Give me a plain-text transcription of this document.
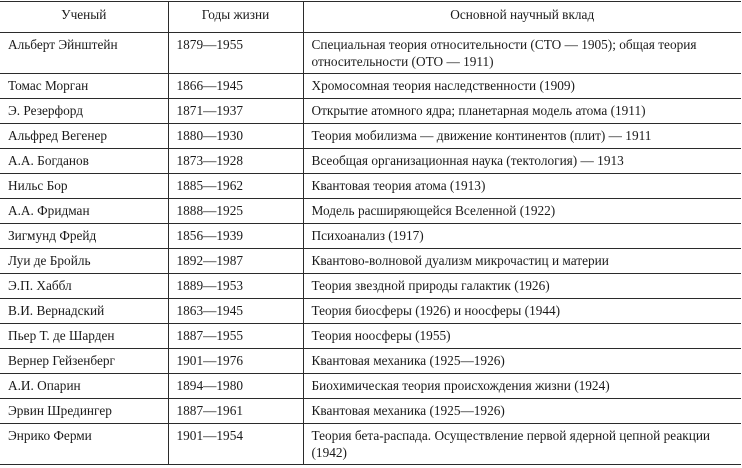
Ученый	Годы жизни	Основной научный вклад
Альберт Эйнштейн	1879—1955	Специальная теория относительности (СТО — 1905); общая теория относительности (ОТО — 1911)
Томас Морган	1866—1945	Хромосомная теория наследственности (1909)
Э. Резерфорд	1871—1937	Открытие атомного ядра; планетарная модель атома (1911)
Альфред Вегенер	1880—1930	Теория мобилизма — движение континентов (плит) — 1911
А.А. Богданов	1873—1928	Всеобщая организационная наука (тектология) — 1913
Нильс Бор	1885—1962	Квантовая теория атома (1913)
А.А. Фридман	1888—1925	Модель расширяющейся Вселенной (1922)
Зигмунд Фрейд	1856—1939	Психоанализ (1917)
Луи де Бройль	1892—1987	Квантово-волновой дуализм микрочастиц и материи
Э.П. Хаббл	1889—1953	Теория звездной природы галактик (1926)
В.И. Вернадский	1863—1945	Теория биосферы (1926) и ноосферы (1944)
Пьер Т. де Шарден	1887—1955	Теория ноосферы (1955)
Вернер Гейзенберг	1901—1976	Квантовая механика (1925—1926)
А.И. Опарин	1894—1980	Биохимическая теория происхождения жизни (1924)
Эрвин Шредингер	1887—1961	Квантовая механика (1925—1926)
Энрико Ферми	1901—1954	Теория бета-распада. Осуществление первой ядерной цепной реакции (1942)
